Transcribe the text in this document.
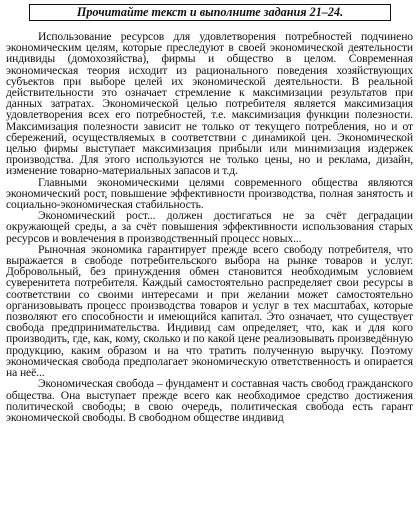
Прочитайте текст и выполните задания 21–24.

Использование ресурсов для удовлетворения потребностей подчинено экономическим целям, которые преследуют в своей экономической деятельности индивиды (домохозяйства), фирмы и общество в целом. Современная экономическая теория исходит из рационального поведения хозяйствующих субъектов при выборе целей их экономической деятельности. В реальной действительности это означает стремление к максимизации результатов при данных затратах. Экономической целью потребителя является максимизация удовлетворения всех его потребностей, т.е. максимизация функции полезности. Максимизация полезности зависит не только от текущего потребления, но и от сбережений, осуществляемых в соответствии с динамикой цен. Экономической целью фирмы выступает максимизация прибыли или минимизация издержек производства. Для этого используются не только цены, но и реклама, дизайн, изменение товарно-материальных запасов и т.д.

Главными экономическими целями современного общества являются экономический рост, повышение эффективности производства, полная занятость и социально-экономическая стабильность.

Экономический рост... должен достигаться не за счёт деградации окружающей среды, а за счёт повышения эффективности использования старых ресурсов и вовлечения в производственный процесс новых...

Рыночная экономика гарантирует прежде всего свободу потребителя, что выражается в свободе потребительского выбора на рынке товаров и услуг. Добровольный, без принуждения обмен становится необходимым условием суверенитета потребителя. Каждый самостоятельно распределяет свои ресурсы в соответствии со своими интересами и при желании может самостоятельно организовывать процесс производства товаров и услуг в тех масштабах, которые позволяют его способности и имеющийся капитал. Это означает, что существует свобода предпринимательства. Индивид сам определяет, что, как и для кого производить, где, как, кому, сколько и по какой цене реализовывать произведённую продукцию, каким образом и на что тратить полученную выручку. Поэтому экономическая свобода предполагает экономическую ответственность и опирается на неё...

Экономическая свобода – фундамент и составная часть свобод гражданского общества. Она выступает прежде всего как необходимое средство достижения политической свободы; в свою очередь, политическая свобода есть гарант экономической свободы. В свободном обществе индивид
